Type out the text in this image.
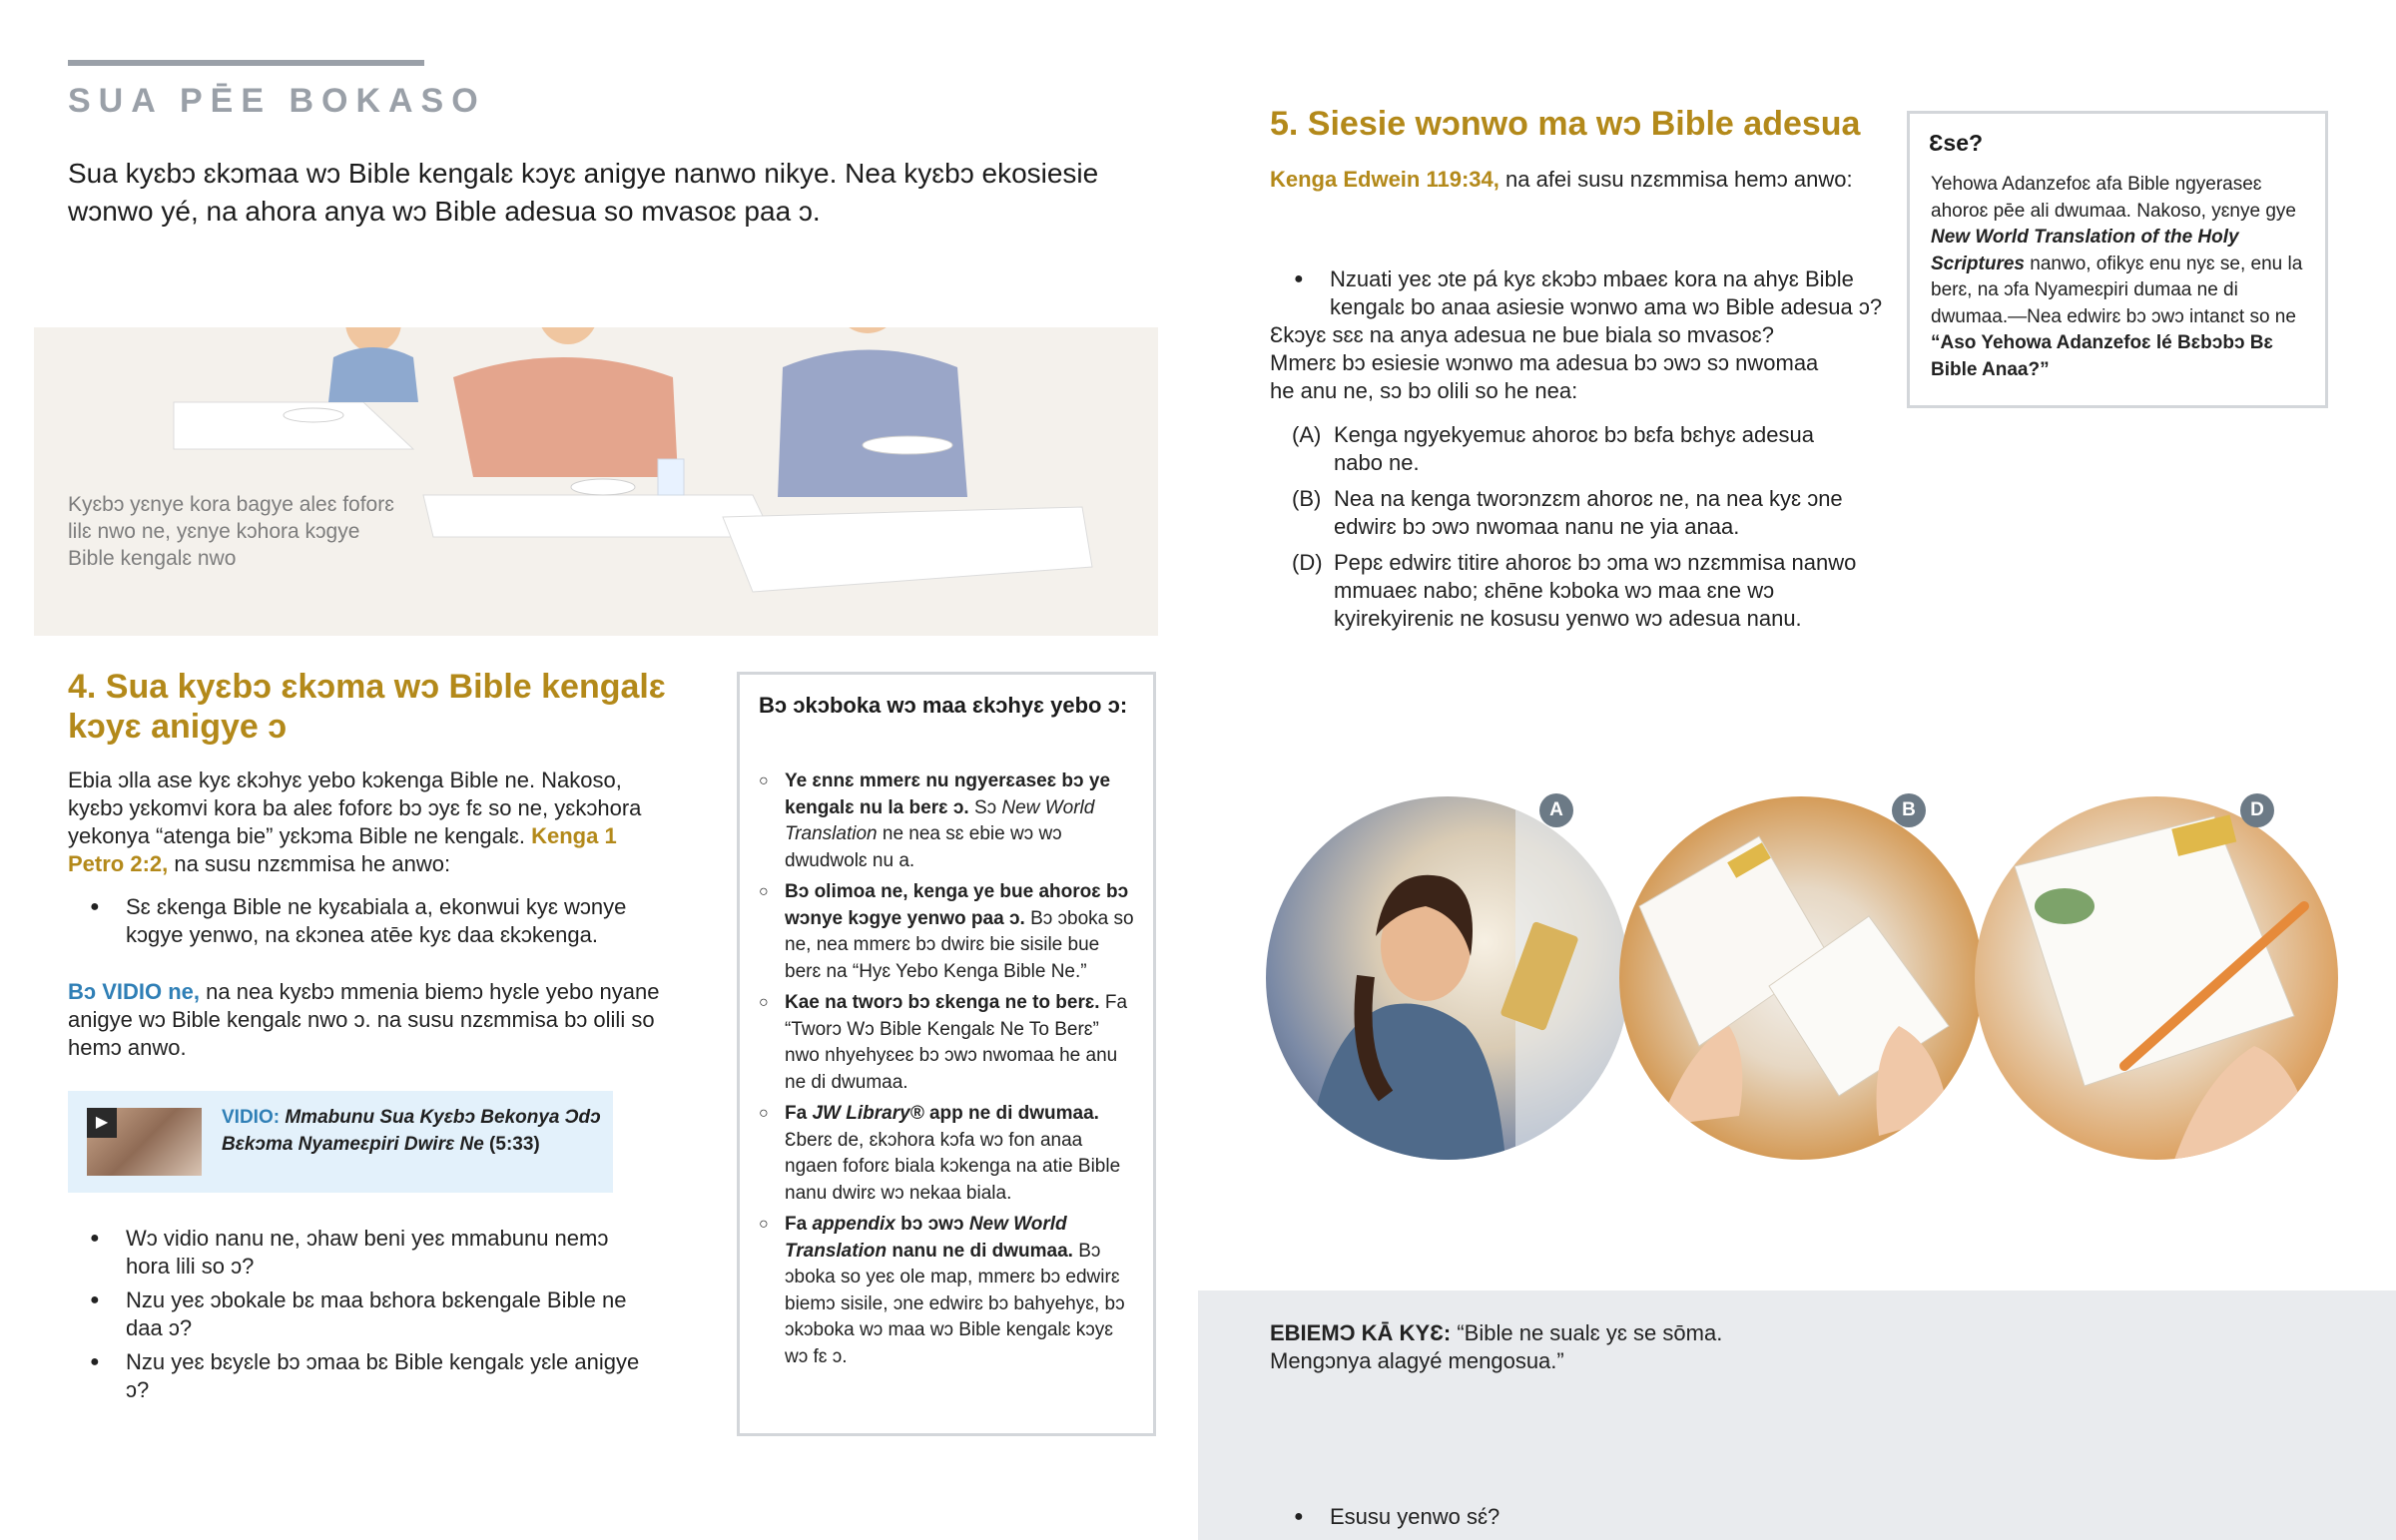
SUA PĒE BOKASO
Sua kyɛbɔ ɛkɔmaa wɔ Bible kengalɛ kɔyɛ anigye nanwo nikye. Nea kyɛbɔ ekosiesie wɔnwo yé, na ahora anya wɔ Bible adesua so mvasoɛ paa ɔ.
Kyɛbɔ yɛnye kora bagye aleɛ foforɛ lilɛ nwo ne, yɛnye kɔhora kɔgye Bible kengalɛ nwo
4. Sua kyɛbɔ ɛkɔma wɔ Bible kengalɛ kɔyɛ anigye ɔ
Ebia ɔlla ase kyɛ ɛkɔhyɛ yebo kɔkenga Bible ne. Nakoso, kyɛbɔ yɛkomvi kora ba aleɛ foforɛ bɔ ɔyɛ fɛ so ne, yɛkɔhora yekonya “atenga bie” yɛkɔma Bible ne kengalɛ. Kenga 1 Petro 2:2, na susu nzɛmmisa he anwo:
● Sɛ ɛkenga Bible ne kyɛabiala a, ekonwui kyɛ wɔnye kɔgye yenwo, na ɛkɔnea atēe kyɛ daa ɛkɔkenga.
Bɔ VIDIO ne, na nea kyɛbɔ mmenia biemɔ hyɛle yebo nyane anigye wɔ Bible kengalɛ nwo ɔ. na susu nzɛmmisa bɔ olili so hemɔ anwo.
▶	VIDIO: Mmabunu Sua Kyɛbɔ Bekonya Ɔdɔ Bɛkɔma Nyameɛpiri Dwirɛ Ne (5:33)
● Wɔ vidio nanu ne, ɔhaw beni yeɛ mmabunu nemɔ hora lili so ɔ?
● Nzu yeɛ ɔbokale bɛ maa bɛhora bɛkengale Bible ne daa ɔ?
● Nzu yeɛ bɛyɛle bɔ ɔmaa bɛ Bible kengalɛ yɛle anigye ɔ?
Bɔ ɔkɔboka wɔ maa ɛkɔhyɛ yebo ɔ:
○ Ye ɛnnɛ mmerɛ nu ngyerɛaseɛ bɔ ye kengalɛ nu la berɛ ɔ. Sɔ New World Translation ne nea sɛ ebie wɔ wɔ dwudwolɛ nu a.
○ Bɔ olimoa ne, kenga ye bue ahoroɛ bɔ wɔnye kɔgye yenwo paa ɔ. Bɔ ɔboka so ne, nea mmerɛ bɔ dwirɛ bie sisile bue berɛ na “Hyɛ Yebo Kenga Bible Ne.”
○ Kae na tworɔ bɔ ɛkenga ne to berɛ. Fa “Tworɔ Wɔ Bible Kengalɛ Ne To Berɛ” nwo nhyehyɛeɛ bɔ ɔwɔ nwomaa he anu ne di dwumaa.
○ Fa JW Library® app ne di dwumaa. Ɛberɛ de, ɛkɔhora kɔfa wɔ fon anaa ngaen foforɛ biala kɔkenga na atie Bible nanu dwirɛ wɔ nekaa biala.
○ Fa appendix bɔ ɔwɔ New World Translation nanu ne di dwumaa. Bɔ ɔboka so yeɛ ole map, mmerɛ bɔ edwirɛ biemɔ sisile, ɔne edwirɛ bɔ bahyehyɛ, bɔ ɔkɔboka wɔ maa wɔ Bible kengalɛ kɔyɛ wɔ fɛ ɔ.
5. Siesie wɔnwo ma wɔ Bible adesua
Kenga Edwein 119:34, na afei susu nzɛmmisa hemɔ anwo:
● Nzuati yeɛ ɔte pá kyɛ ɛkɔbɔ mbaeɛ kora na ahyɛ Bible kengalɛ bo anaa asiesie wɔnwo ama wɔ Bible adesua ɔ?
Ɛkɔyɛ sɛɛ na anya adesua ne bue biala so mvasoɛ? Mmerɛ bɔ esiesie wɔnwo ma adesua bɔ ɔwɔ sɔ nwomaa he anu ne, sɔ bɔ olili so he nea:
(A) Kenga ngyekyemuɛ ahoroɛ bɔ bɛfa bɛhyɛ adesua nabo ne.
(B) Nea na kenga tworɔnzɛm ahoroɛ ne, na nea kyɛ ɔne edwirɛ bɔ ɔwɔ nwomaa nanu ne yia anaa.
(D) Pepɛ edwirɛ titire ahoroɛ bɔ ɔma wɔ nzɛmmisa nanwo mmuaeɛ nabo; ɛhēne kɔboka wɔ maa ɛne wɔ kyirekyireniɛ ne kosusu yenwo wɔ adesua nanu.
Ɛse?
Yehowa Adanzefoɛ afa Bible ngyeraseɛ ahoroɛ pēe ali dwumaa. Nakoso, yɛnye gye New World Translation of the Holy Scriptures nanwo, ofikyɛ enu nyɛ se, enu la berɛ, na ɔfa Nyameɛpiri dumaa ne di dwumaa.—Nea edwirɛ bɔ ɔwɔ intanɛt so ne “Aso Yehowa Adanzefoɛ lé Bɛbɔbɔ Bɛ Bible Anaa?”
A	B	D
EBIEMƆ KĀ KYƐ: “Bible ne sualɛ yɛ se sōma. Mengɔnya alagyé mengosua.”
● Esusu yenwo sɛ́?
